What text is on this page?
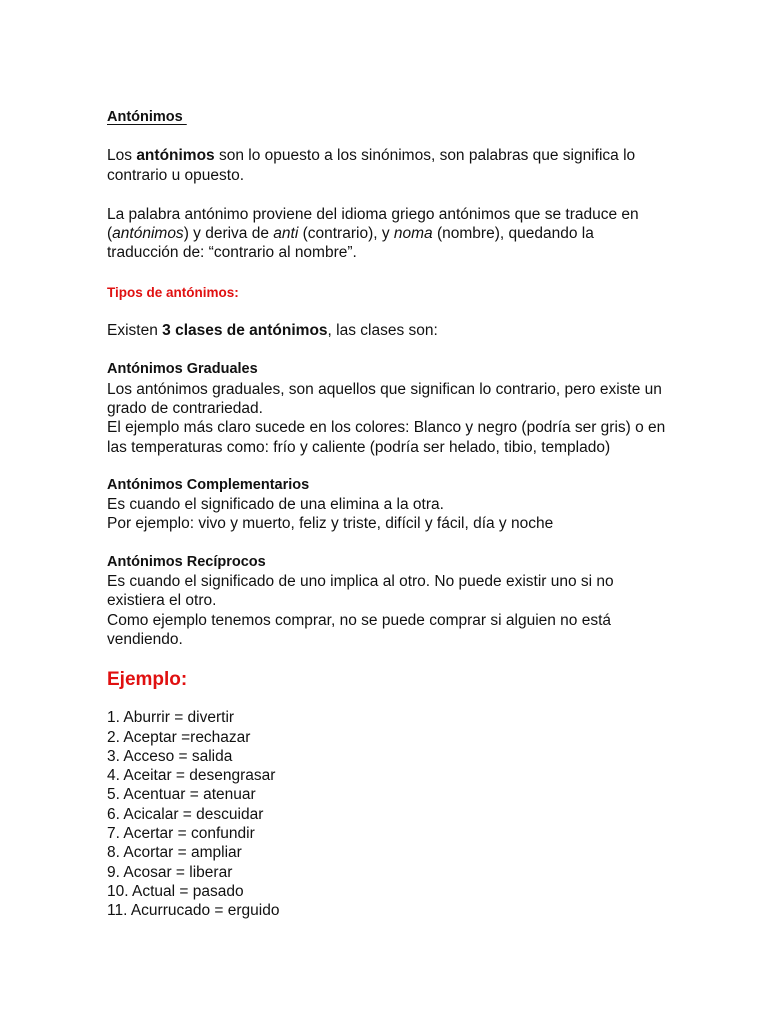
Antónimos

Los antónimos son lo opuesto a los sinónimos, son palabras que significa lo contrario u opuesto.

La palabra antónimo proviene del idioma griego antónimos que se traduce en (antónimos) y deriva de anti (contrario), y noma (nombre), quedando la traducción de: “contrario al nombre”.

Tipos de antónimos:

Existen 3 clases de antónimos, las clases son:

Antónimos Graduales

Los antónimos graduales, son aquellos que significan lo contrario, pero existe un grado de contrariedad.

El ejemplo más claro sucede en los colores: Blanco y negro (podría ser gris) o en las temperaturas como: frío y caliente (podría ser helado, tibio, templado)

Antónimos Complementarios

Es cuando el significado de una elimina a la otra.

Por ejemplo: vivo y muerto, feliz y triste, difícil y fácil, día y noche

Antónimos Recíprocos

Es cuando el significado de uno implica al otro. No puede existir uno si no existiera el otro.

Como ejemplo tenemos comprar, no se puede comprar si alguien no está vendiendo.

Ejemplo:

1. Aburrir = divertir
2. Aceptar =rechazar
3. Acceso = salida
4. Aceitar = desengrasar
5. Acentuar = atenuar
6. Acicalar = descuidar
7. Acertar = confundir
8. Acortar = ampliar
9. Acosar = liberar
10. Actual = pasado
11. Acurrucado = erguido
